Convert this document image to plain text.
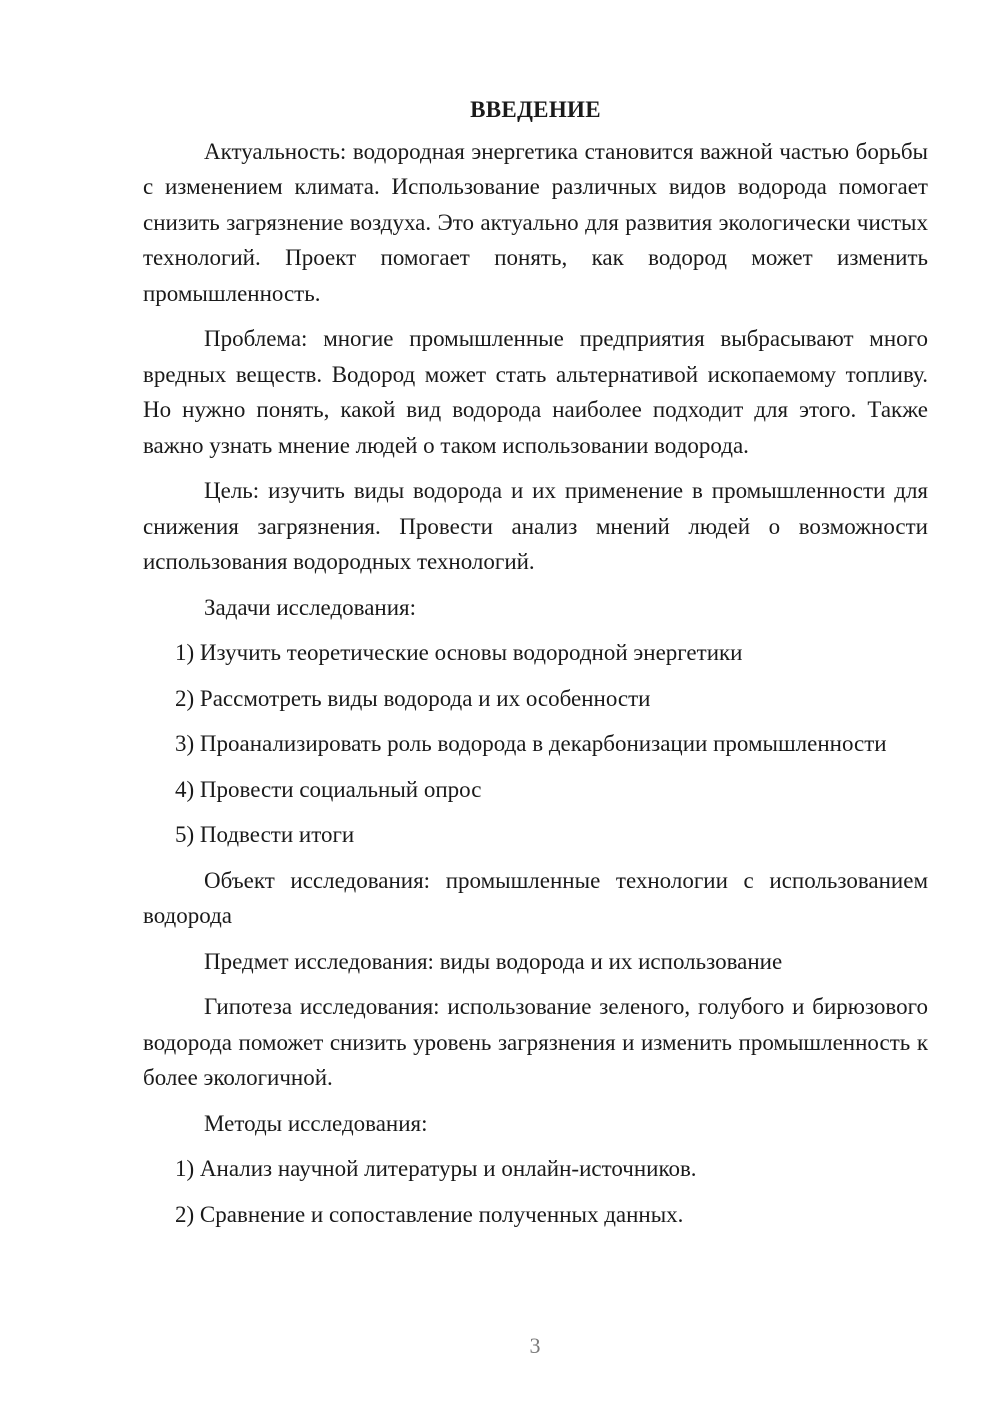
ВВЕДЕНИЕ

Актуальность: водородная энергетика становится важной частью борьбы с изменением климата. Использование различных видов водорода помогает снизить загрязнение воздуха. Это актуально для развития экологически чистых технологий. Проект помогает понять, как водород может изменить промышленность.

Проблема: многие промышленные предприятия выбрасывают много вредных веществ. Водород может стать альтернативой ископаемому топливу. Но нужно понять, какой вид водорода наиболее подходит для этого. Также важно узнать мнение людей о таком использовании водорода.

Цель: изучить виды водорода и их применение в промышленности для снижения загрязнения. Провести анализ мнений людей о возможности использования водородных технологий.

Задачи исследования:

1) Изучить теоретические основы водородной энергетики

2) Рассмотреть виды водорода и их особенности

3) Проанализировать роль водорода в декарбонизации промышленности

4) Провести социальный опрос

5) Подвести итоги

Объект исследования: промышленные технологии с использованием водорода

Предмет исследования: виды водорода и их использование

Гипотеза исследования: использование зеленого, голубого и бирюзового водорода поможет снизить уровень загрязнения и изменить промышленность к более экологичной.

Методы исследования:

1) Анализ научной литературы и онлайн-источников.

2) Сравнение и сопоставление полученных данных.

3
